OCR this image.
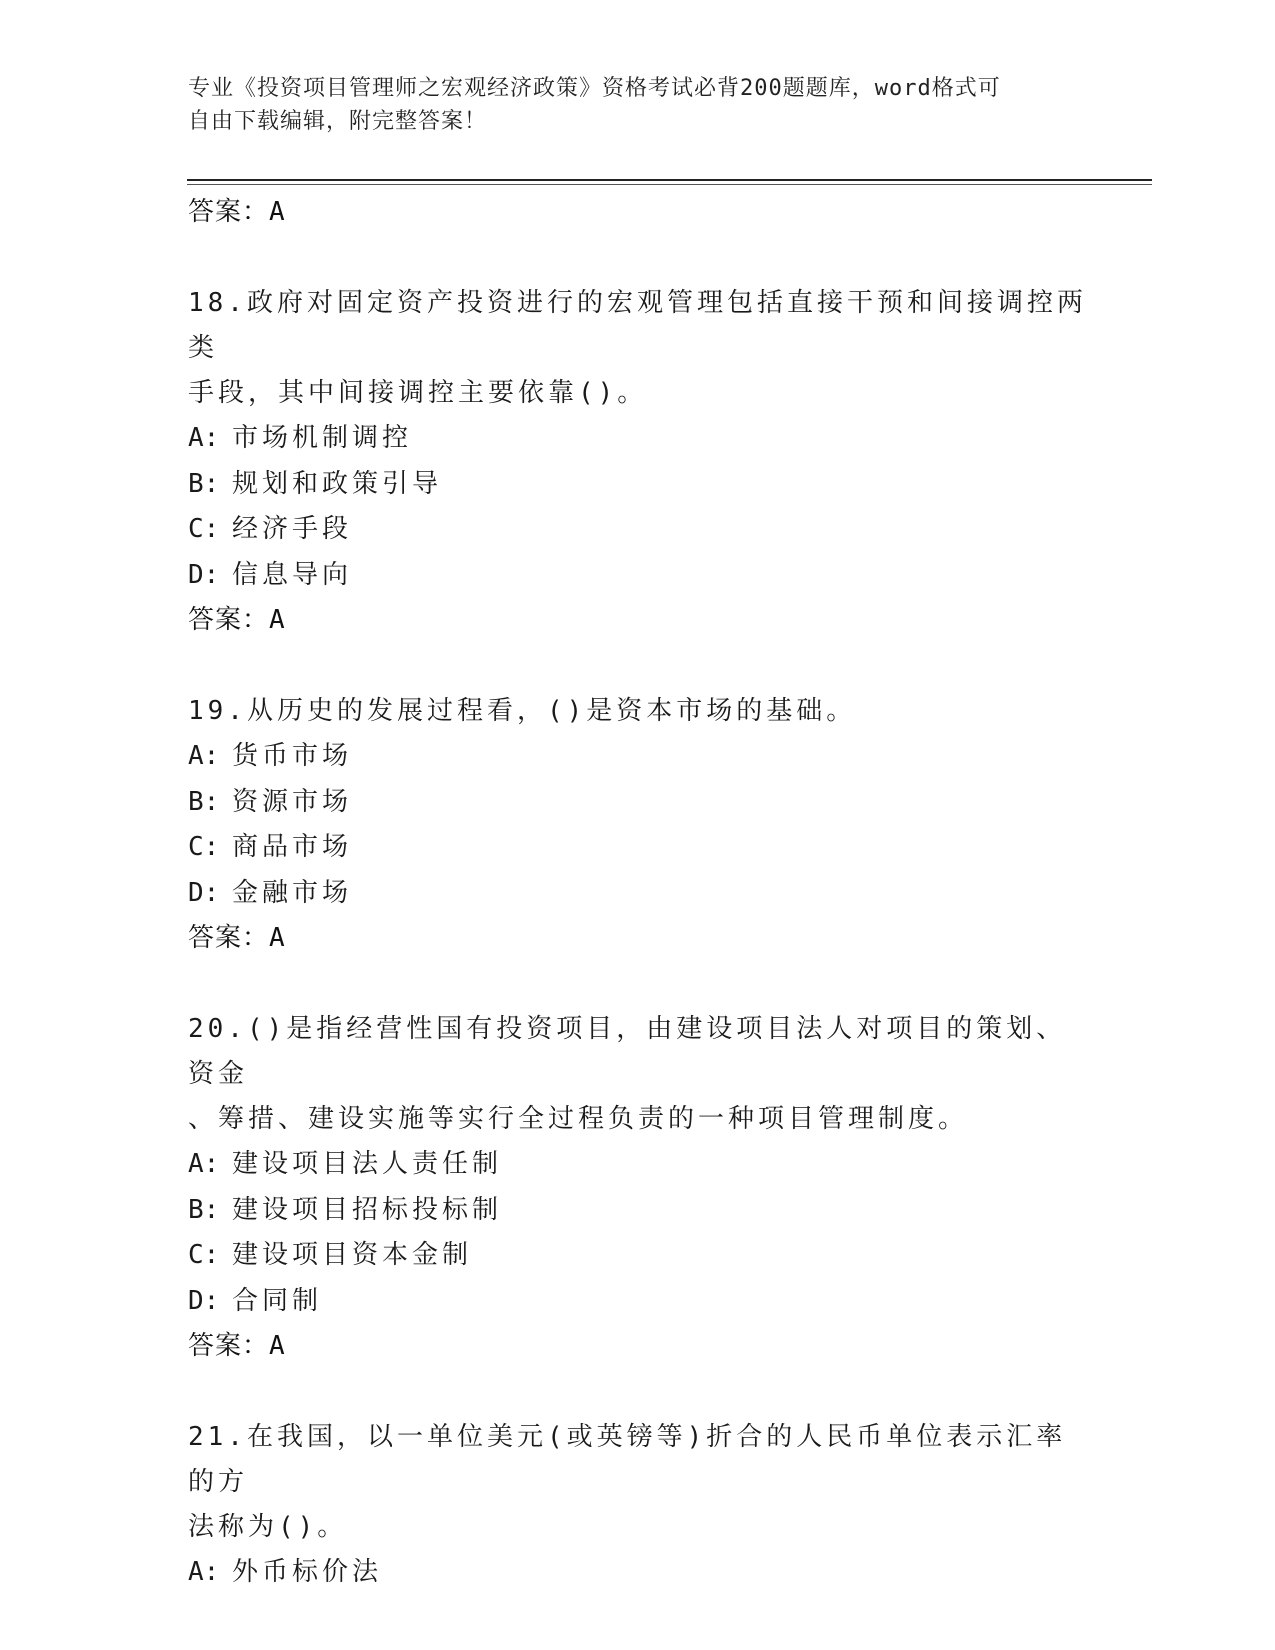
专业《投资项目管理师之宏观经济政策》资格考试必背200题题库，word格式可
自由下载编辑，附完整答案！
答案：A
18.政府对固定资产投资进行的宏观管理包括直接干预和间接调控两类
手段，其中间接调控主要依靠()。
A: 市场机制调控
B: 规划和政策引导
C: 经济手段
D: 信息导向
答案：A
19.从历史的发展过程看，()是资本市场的基础。
A: 货币市场
B: 资源市场
C: 商品市场
D: 金融市场
答案：A
20.()是指经营性国有投资项目，由建设项目法人对项目的策划、资金
、筹措、建设实施等实行全过程负责的一种项目管理制度。
A: 建设项目法人责任制
B: 建设项目招标投标制
C: 建设项目资本金制
D: 合同制
答案：A
21.在我国，以一单位美元(或英镑等)折合的人民币单位表示汇率的方
法称为()。
A: 外币标价法
